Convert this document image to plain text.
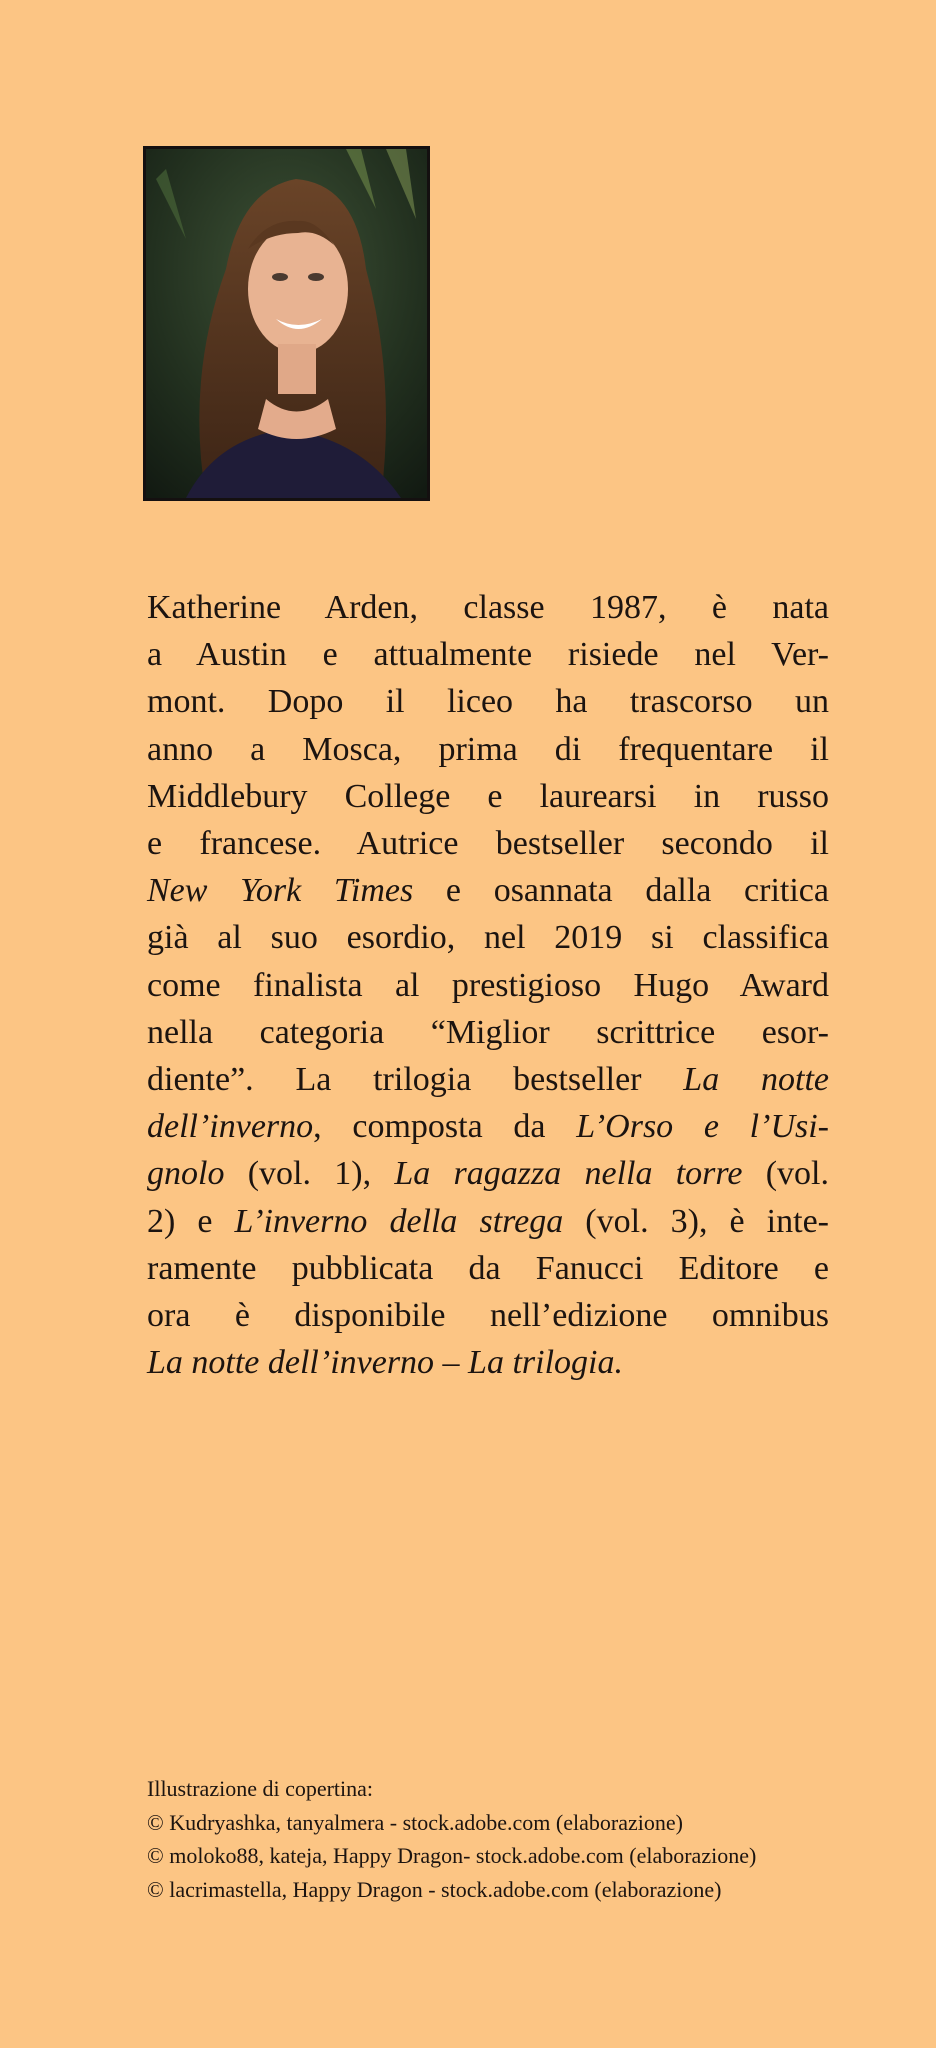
Katherine Arden, classe 1987, è nata
a Austin e attualmente risiede nel Ver-
mont. Dopo il liceo ha trascorso un
anno a Mosca, prima di frequentare il
Middlebury College e laurearsi in russo
e francese. Autrice bestseller secondo il
New York Times e osannata dalla critica
già al suo esordio, nel 2019 si classifica
come finalista al prestigioso Hugo Award
nella categoria “Miglior scrittrice esor-
diente”. La trilogia bestseller La notte
dell’inverno, composta da L’Orso e l’Usi-
gnolo (vol. 1), La ragazza nella torre (vol.
2) e L’inverno della strega (vol. 3), è inte-
ramente pubblicata da Fanucci Editore e
ora è disponibile nell’edizione omnibus
La notte dell’inverno – La trilogia.
Illustrazione di copertina:
© Kudryashka, tanyalmera - stock.adobe.com (elaborazione)
© moloko88, kateja, Happy Dragon- stock.adobe.com (elaborazione)
© lacrimastella, Happy Dragon - stock.adobe.com (elaborazione)
